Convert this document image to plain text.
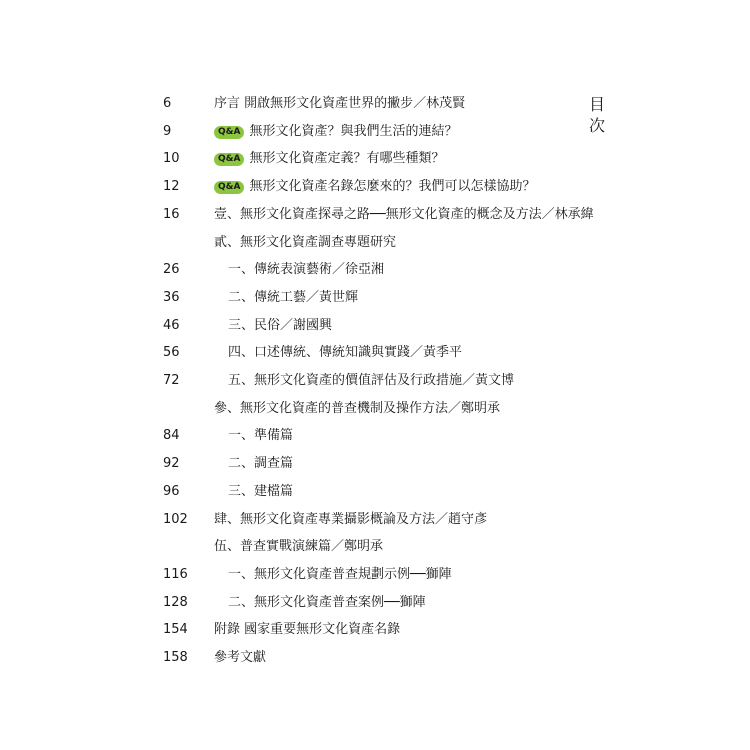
目
次
6	序言 開啟無形文化資產世界的撇步／林茂賢
9	Q&A 無形文化資產？與我們生活的連結？
10	Q&A 無形文化資產定義？有哪些種類？
12	Q&A 無形文化資產名錄怎麼來的？我們可以怎樣協助？
16	壹、無形文化資產探尋之路──無形文化資產的概念及方法／林承緯
貳、無形文化資產調查專題研究
26	一、傳統表演藝術／徐亞湘
36	二、傳統工藝／黃世輝
46	三、民俗／謝國興
56	四、口述傳統、傳統知識與實踐／黃季平
72	五、無形文化資產的價值評估及行政措施／黃文博
參、無形文化資產的普查機制及操作方法／鄭明承
84	一、準備篇
92	二、調查篇
96	三、建檔篇
102 肆、無形文化資產專業攝影概論及方法／趙守彥
伍、普查實戰演練篇／鄭明承
116	一、無形文化資產普查規劃示例──獅陣
128	二、無形文化資產普查案例──獅陣
154 附錄 國家重要無形文化資產名錄
158 參考文獻
